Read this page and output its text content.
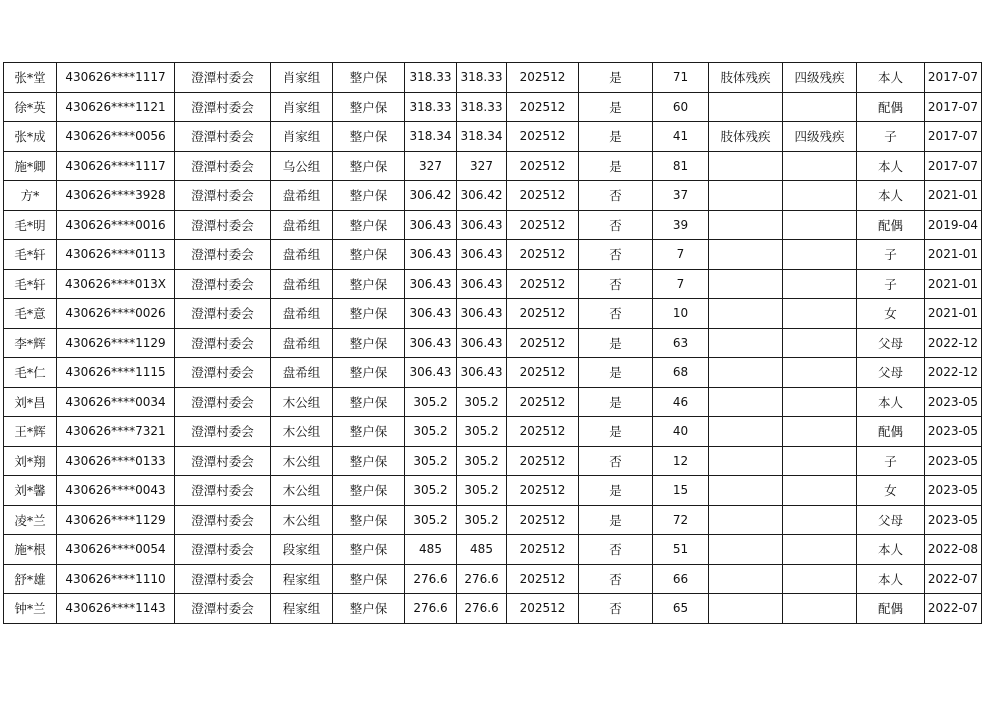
张*堂	430626****1117	澄潭村委会	肖家组	整户保	318.33	318.33	202512	是	71	肢体残疾	四级残疾	本人	2017-07
徐*英	430626****1121	澄潭村委会	肖家组	整户保	318.33	318.33	202512	是	60			配偶	2017-07
张*成	430626****0056	澄潭村委会	肖家组	整户保	318.34	318.34	202512	是	41	肢体残疾	四级残疾	子	2017-07
施*卿	430626****1117	澄潭村委会	乌公组	整户保	327	327	202512	是	81			本人	2017-07
方*	430626****3928	澄潭村委会	盘希组	整户保	306.42	306.42	202512	否	37			本人	2021-01
毛*明	430626****0016	澄潭村委会	盘希组	整户保	306.43	306.43	202512	否	39			配偶	2019-04
毛*轩	430626****0113	澄潭村委会	盘希组	整户保	306.43	306.43	202512	否	7			子	2021-01
毛*轩	430626****013X	澄潭村委会	盘希组	整户保	306.43	306.43	202512	否	7			子	2021-01
毛*意	430626****0026	澄潭村委会	盘希组	整户保	306.43	306.43	202512	否	10			女	2021-01
李*辉	430626****1129	澄潭村委会	盘希组	整户保	306.43	306.43	202512	是	63			父母	2022-12
毛*仁	430626****1115	澄潭村委会	盘希组	整户保	306.43	306.43	202512	是	68			父母	2022-12
刘*昌	430626****0034	澄潭村委会	木公组	整户保	305.2	305.2	202512	是	46			本人	2023-05
王*辉	430626****7321	澄潭村委会	木公组	整户保	305.2	305.2	202512	是	40			配偶	2023-05
刘*翔	430626****0133	澄潭村委会	木公组	整户保	305.2	305.2	202512	否	12			子	2023-05
刘*馨	430626****0043	澄潭村委会	木公组	整户保	305.2	305.2	202512	是	15			女	2023-05
凌*兰	430626****1129	澄潭村委会	木公组	整户保	305.2	305.2	202512	是	72			父母	2023-05
施*根	430626****0054	澄潭村委会	段家组	整户保	485	485	202512	否	51			本人	2022-08
舒*雄	430626****1110	澄潭村委会	程家组	整户保	276.6	276.6	202512	否	66			本人	2022-07
钟*兰	430626****1143	澄潭村委会	程家组	整户保	276.6	276.6	202512	否	65			配偶	2022-07
